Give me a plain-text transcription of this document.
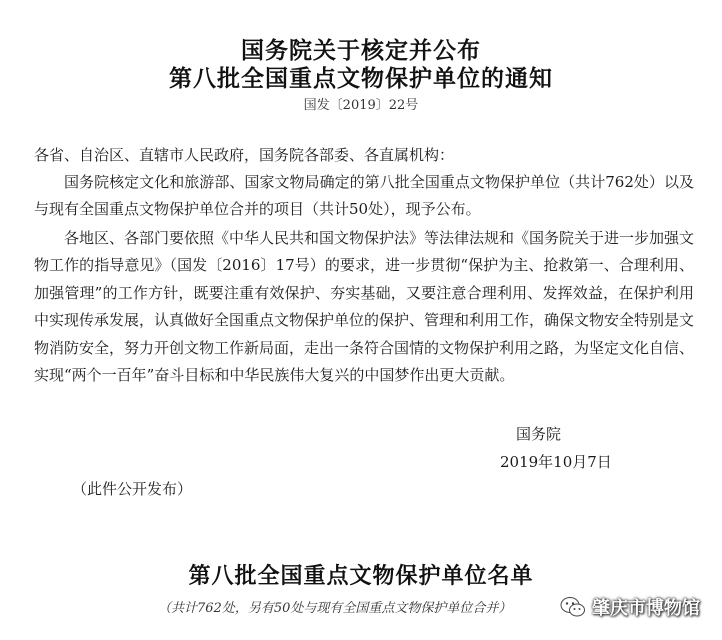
国务院关于核定并公布
第八批全国重点文物保护单位的通知
国发〔2019〕22号

各省、自治区、直辖市人民政府，国务院各部委、各直属机构：

国务院核定文化和旅游部、国家文物局确定的第八批全国重点文物保护单位（共计762处）以及与现有全国重点文物保护单位合并的项目（共计50处），现予公布。

各地区、各部门要依照《中华人民共和国文物保护法》等法律法规和《国务院关于进一步加强文物工作的指导意见》（国发〔2016〕17号）的要求，进一步贯彻“保护为主、抢救第一、合理利用、加强管理”的工作方针，既要注重有效保护、夯实基础，又要注意合理利用、发挥效益，在保护利用中实现传承发展，认真做好全国重点文物保护单位的保护、管理和利用工作，确保文物安全特别是文物消防安全，努力开创文物工作新局面，走出一条符合国情的文物保护利用之路，为坚定文化自信、实现“两个一百年”奋斗目标和中华民族伟大复兴的中国梦作出更大贡献。

国务院
2019年10月7日
（此件公开发布）
第八批全国重点文物保护单位名单
（共计762处，另有50处与现有全国重点文物保护单位合并）	肇庆市博物馆
